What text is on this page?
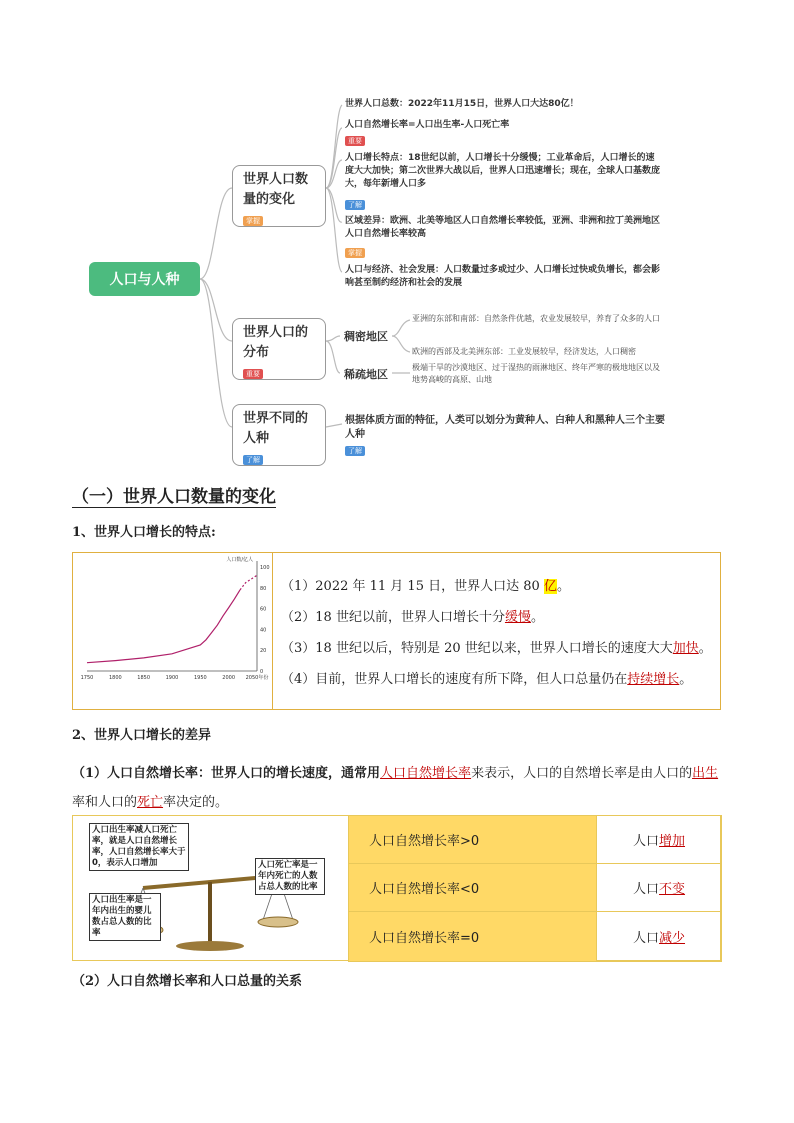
人口与人种
世界人口数量的变化
掌握
世界人口的分布
重要
世界不同的人种
了解
世界人口总数：2022年11月15日，世界人口大达80亿！
人口自然增长率=人口出生率-人口死亡率
重要
人口增长特点：18世纪以前，人口增长十分缓慢；工业革命后，人口增长的速度大大加快；第二次世界大战以后，世界人口迅速增长；现在，全球人口基数庞大，每年新增人口多
了解
区域差异：欧洲、北美等地区人口自然增长率较低，亚洲、非洲和拉丁美洲地区人口自然增长率较高
掌握
人口与经济、社会发展：人口数量过多或过少、人口增长过快或负增长，都会影响甚至制约经济和社会的发展
稠密地区
稀疏地区
亚洲的东部和南部：自然条件优越，农业发展较早，养育了众多的人口
欧洲的西部及北美洲东部：工业发展较早，经济发达，人口稠密
极端干旱的沙漠地区、过于湿热的雨淋地区、终年严寒的极地地区以及地势高峻的高原、山地
根据体质方面的特征，人类可以划分为黄种人、白种人和黑种人三个主要人种
了解
（一）世界人口数量的变化
1、世界人口增长的特点:
人口数/亿人
0
20
40
60
80
100
1750	1800	1850	1900	1950	2000 2050年份
（1）2022 年 11 月 15 日，世界人口达 80 亿。
（2）18 世纪以前，世界人口增长十分缓慢。
（3）18 世纪以后，特别是 20 世纪以来，世界人口增长的速度大大加快。
（4）目前，世界人口增长的速度有所下降，但人口总量仍在持续增长。
2、世界人口增长的差异
（1）人口自然增长率：世界人口的增长速度，通常用人口自然增长率来表示，人口的自然增长率是由人口的出生率和人口的死亡率决定的。
人口出生率减人口死亡率，就是人口自然增长率，人口自然增长率大于0，表示人口增加
人口出生率是一年内出生的婴儿数占总人数的比率
人口死亡率是一年内死亡的人数占总人数的比率
人口自然增长率>0	人口增加
人口自然增长率<0	人口不变
人口自然增长率=0	人口减少
（2）人口自然增长率和人口总量的关系
